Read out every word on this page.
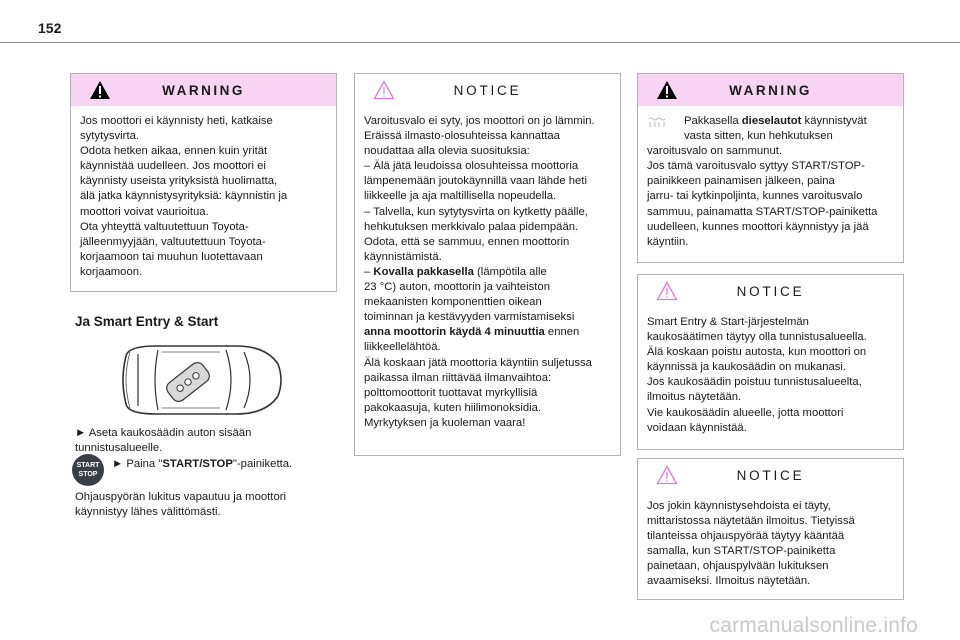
152
WARNING

Jos moottori ei käynnisty heti, katkaise

sytytysvirta.

Odota hetken aikaa, ennen kuin yrität

käynnistää uudelleen. Jos moottori ei

käynnisty useista yrityksistä huolimatta,

älä jatka käynnistysyrityksiä: käynnistin ja

moottori voivat vaurioitua.

Ota yhteyttä valtuutettuun Toyota-

jälleenmyyjään, valtuutettuun Toyota-

korjaamoon tai muuhun luotettavaan

korjaamoon.

Ja Smart Entry & Start
► Aseta kaukosäädin auton sisään
tunnistusalueelle.
START STOP
► Paina "START/STOP"-painiketta.
Ohjauspyörän lukitus vapautuu ja moottori
käynnistyy lähes välittömästi.
NOTICE

Varoitusvalo ei syty, jos moottori on jo lämmin.

Eräissä ilmasto-olosuhteissa kannattaa

noudattaa alla olevia suosituksia:

– Älä jätä leudoissa olosuhteissa moottoria

lämpenemään joutokäynnillä vaan lähde heti

liikkeelle ja aja maltillisella nopeudella.

– Talvella, kun sytytysvirta on kytketty päälle,

hehkutuksen merkkivalo palaa pidempään.

Odota, että se sammuu, ennen moottorin

käynnistämistä.

– Kovalla pakkasella (lämpötila alle

23 °C) auton, moottorin ja vaihteiston

mekaanisten komponenttien oikean

toiminnan ja kestävyyden varmistamiseksi

anna moottorin käydä 4 minuuttia ennen

liikkeellelähtöä.

Älä koskaan jätä moottoria käyntiin suljetussa

paikassa ilman riittävää ilmanvaihtoa:

polttomoottorit tuottavat myrkyllisiä

pakokaasuja, kuten hiilimonoksidia.

Myrkytyksen ja kuoleman vaara!

WARNING

Pakkasella dieselautot käynnistyvät

vasta sitten, kun hehkutuksen

varoitusvalo on sammunut.

Jos tämä varoitusvalo syttyy START/STOP-

painikkeen painamisen jälkeen, paina

jarru- tai kytkinpoljinta, kunnes varoitusvalo

sammuu, painamatta START/STOP-painiketta

uudelleen, kunnes moottori käynnistyy ja jää

käyntiin.

NOTICE

Smart Entry & Start-järjestelmän

kaukosäätimen täytyy olla tunnistusalueella.

Älä koskaan poistu autosta, kun moottori on

käynnissä ja kaukosäädin on mukanasi.

Jos kaukosäädin poistuu tunnistusalueelta,

ilmoitus näytetään.

Vie kaukosäädin alueelle, jotta moottori

voidaan käynnistää.

NOTICE

Jos jokin käynnistysehdoista ei täyty,

mittaristossa näytetään ilmoitus. Tietyissä

tilanteissa ohjauspyörää täytyy kääntää

samalla, kun START/STOP-painiketta

painetaan, ohjauspylvään lukituksen

avaamiseksi. Ilmoitus näytetään.

carmanualsonline.info
